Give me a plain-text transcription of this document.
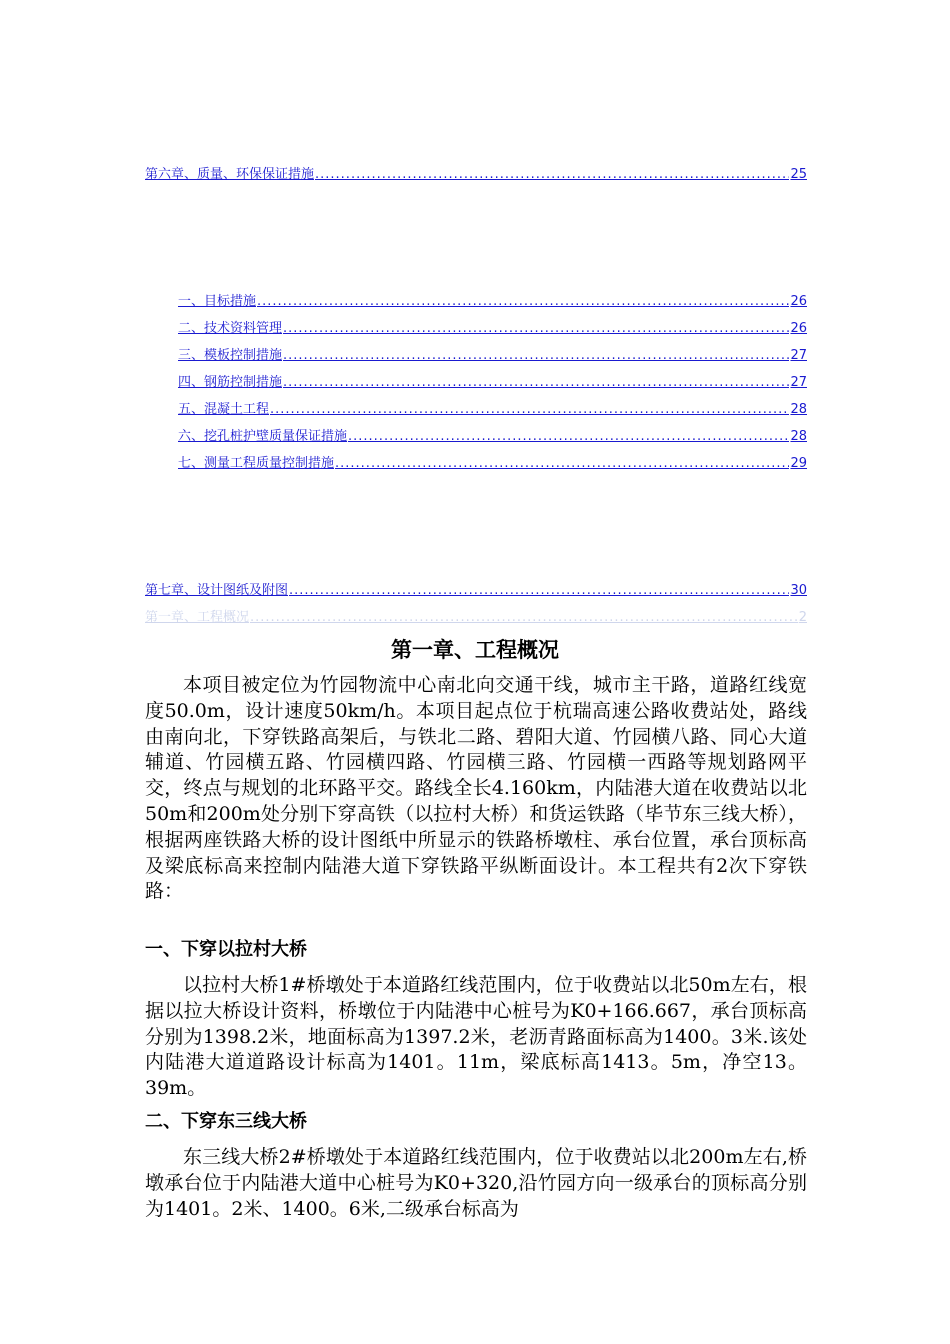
第六章、质量、环保保证措施 .....	25
一、目标措施 .....	26
二、技术资料管理 .....	26
三、模板控制措施 .....	27
四、钢筋控制措施 .....	27
五、混凝土工程 .....	28
六、挖孔桩护壁质量保证措施 .....	28
七、测量工程质量控制措施 .....	29
第七章、设计图纸及附图 .....	30
第一章、工程概况 .....	2
第一章、工程概况

本项目被定位为竹园物流中心南北向交通干线，城市主干路，道路红线宽度50.0m，设计速度50km/h。本项目起点位于杭瑞高速公路收费站处，路线由南向北，下穿铁路高架后，与铁北二路、碧阳大道、竹园横八路、同心大道辅道、竹园横五路、竹园横四路、竹园横三路、竹园横一西路等规划路网平交，终点与规划的北环路平交。路线全长4.160km，内陆港大道在收费站以北50m和200m处分别下穿高铁（以拉村大桥）和货运铁路（毕节东三线大桥），根据两座铁路大桥的设计图纸中所显示的铁路桥墩柱、承台位置，承台顶标高及梁底标高来控制内陆港大道下穿铁路平纵断面设计。本工程共有2次下穿铁路：

一、下穿以拉村大桥

以拉村大桥1#桥墩处于本道路红线范围内，位于收费站以北50m左右，根据以拉大桥设计资料，桥墩位于内陆港中心桩号为K0+166.667，承台顶标高分别为1398.2米，地面标高为1397.2米，老沥青路面标高为1400。3米.该处内陆港大道道路设计标高为1401。11m，梁底标高1413。5m，净空13。39m。

二、下穿东三线大桥

东三线大桥2#桥墩处于本道路红线范围内，位于收费站以北200m左右,桥墩承台位于内陆港大道中心桩号为K0+320,沿竹园方向一级承台的顶标高分别为1401。2米、1400。6米,二级承台标高为
